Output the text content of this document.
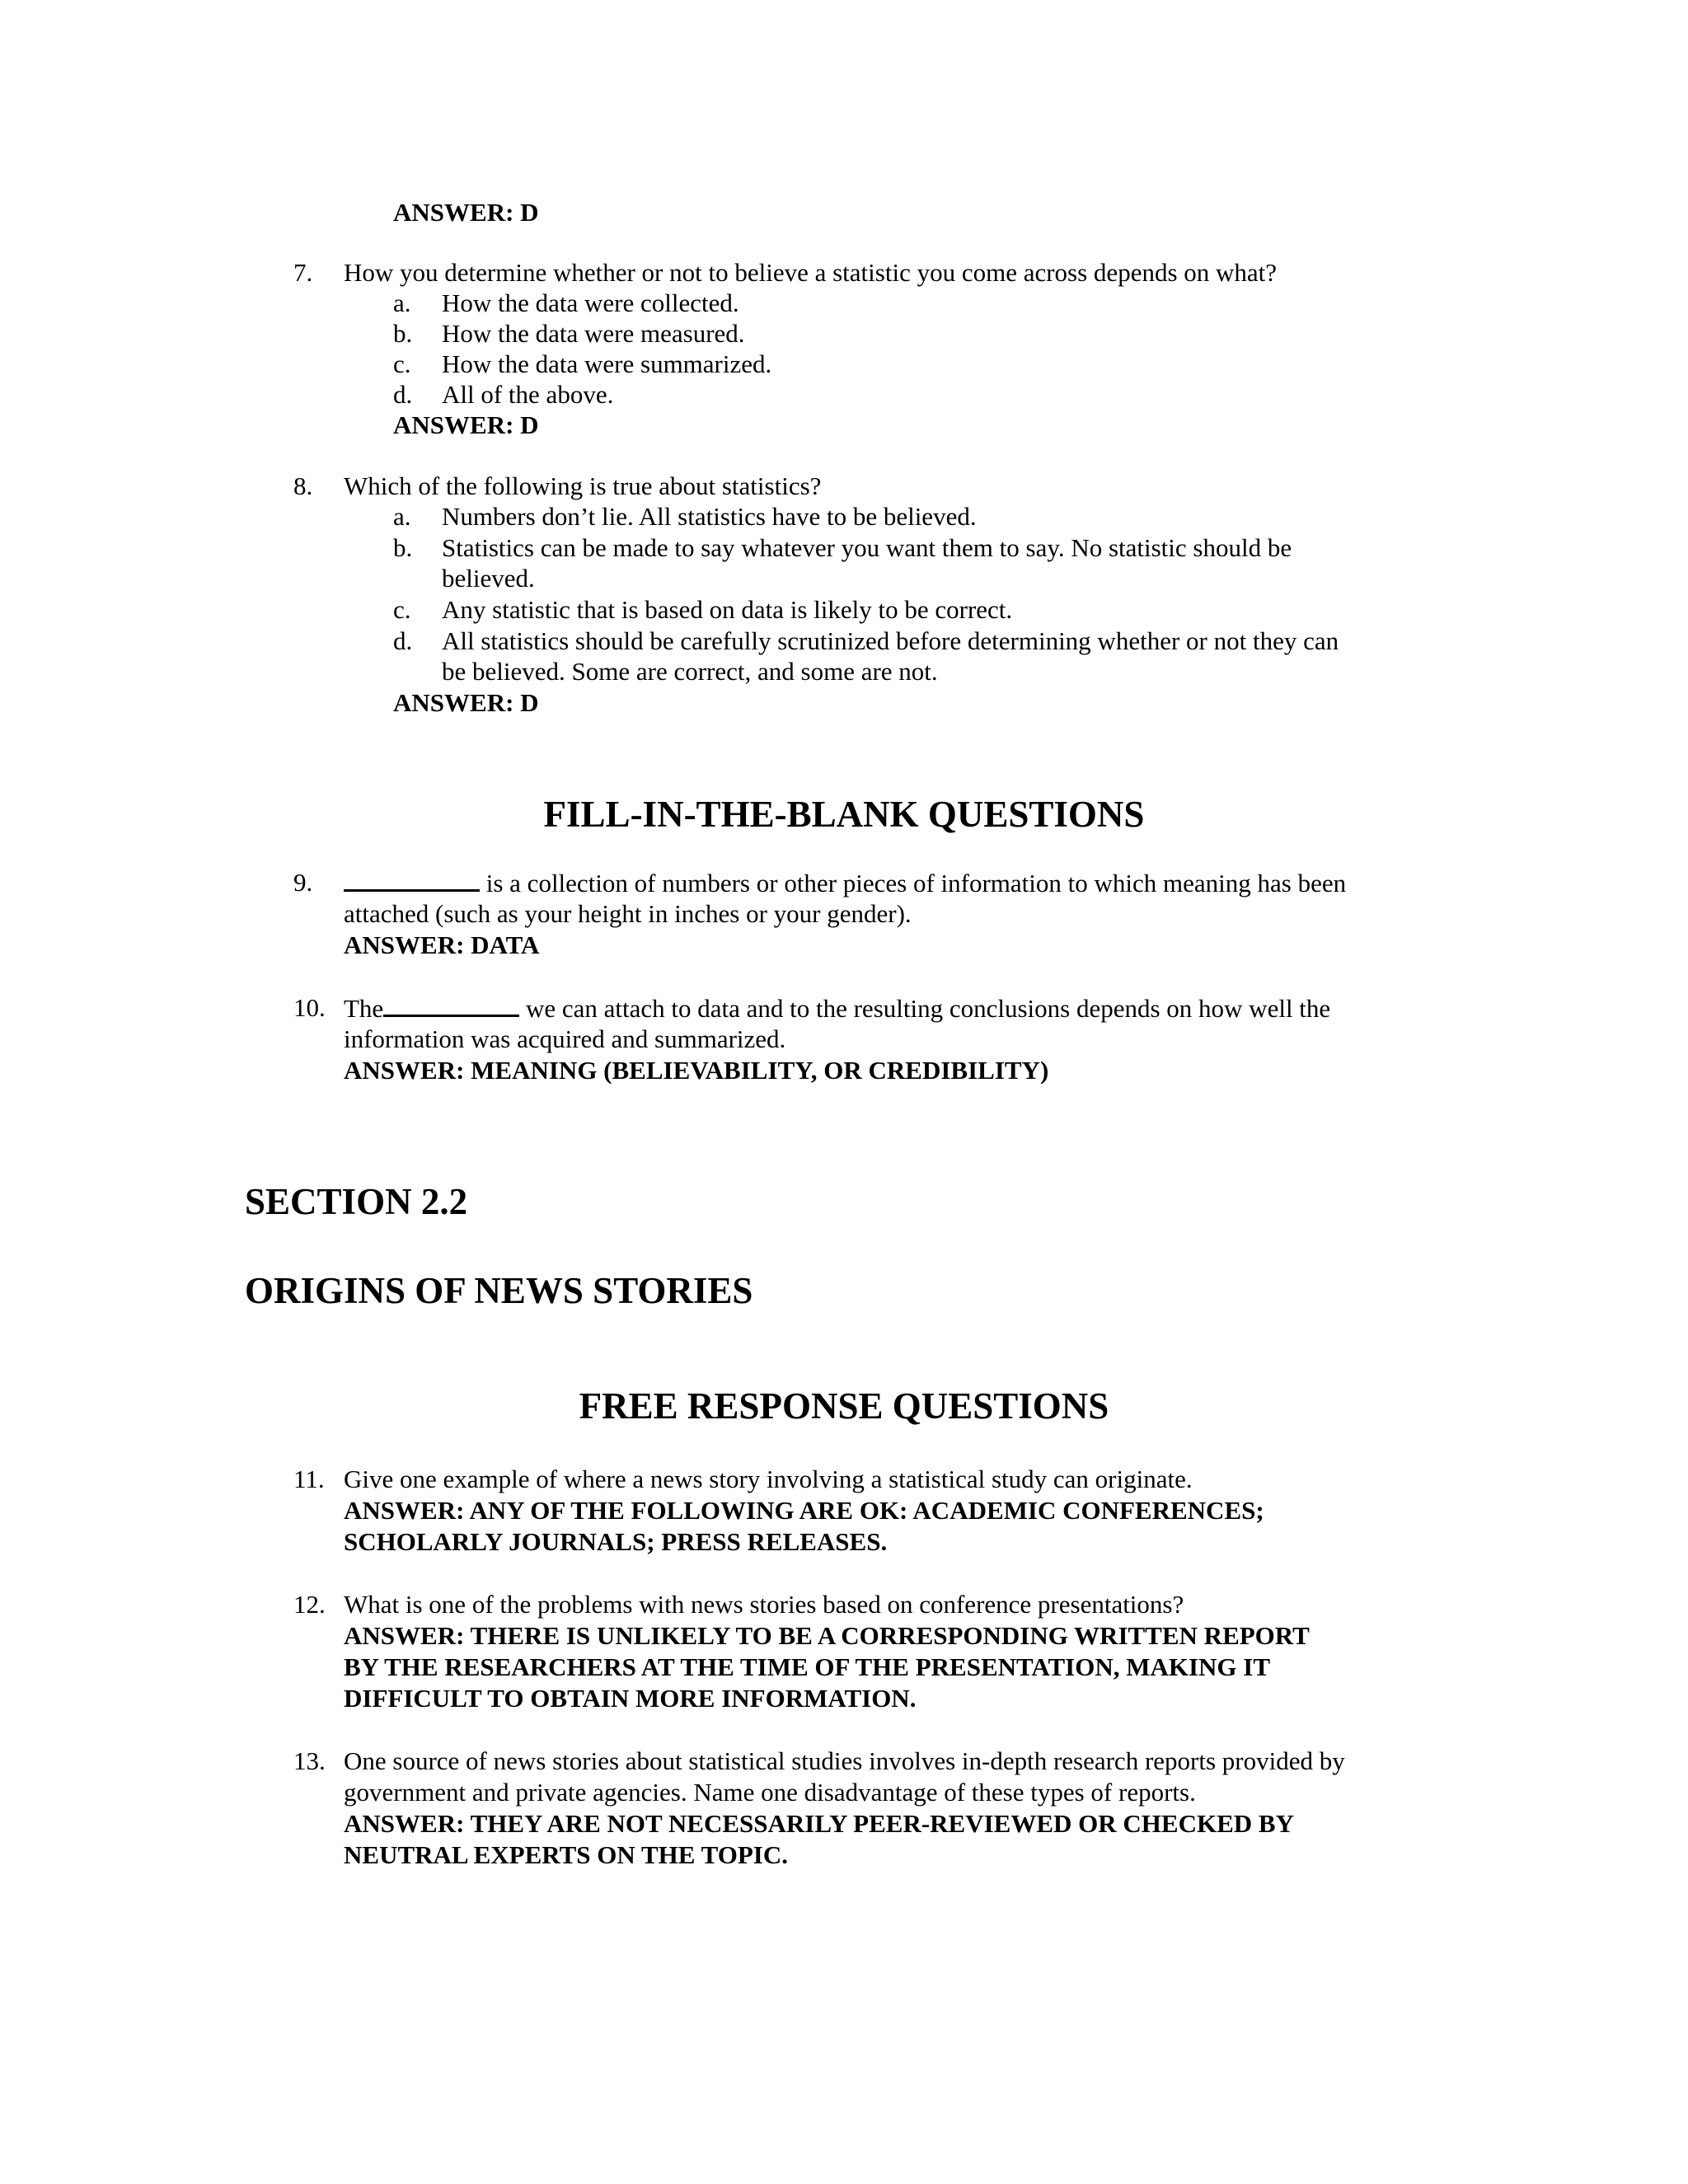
ANSWER: D
7. How you determine whether or not to believe a statistic you come across depends on what?
a. How the data were collected.
b. How the data were measured.
c. How the data were summarized.
d. All of the above.
ANSWER: D
8. Which of the following is true about statistics?
a. Numbers don’t lie. All statistics have to be believed.
b. Statistics can be made to say whatever you want them to say. No statistic should be
believed.
c. Any statistic that is based on data is likely to be correct.
d. All statistics should be carefully scrutinized before determining whether or not they can
be believed. Some are correct, and some are not.
ANSWER: D
FILL-IN-THE-BLANK QUESTIONS
9.	is a collection of numbers or other pieces of information to which meaning has been
attached (such as your height in inches or your gender).
ANSWER: DATA
10. The	we can attach to data and to the resulting conclusions depends on how well the
information was acquired and summarized.
ANSWER: MEANING (BELIEVABILITY, OR CREDIBILITY)
SECTION 2.2
ORIGINS OF NEWS STORIES
FREE RESPONSE QUESTIONS
11. Give one example of where a news story involving a statistical study can originate.
ANSWER: ANY OF THE FOLLOWING ARE OK: ACADEMIC CONFERENCES;
SCHOLARLY JOURNALS; PRESS RELEASES.
12. What is one of the problems with news stories based on conference presentations?
ANSWER: THERE IS UNLIKELY TO BE A CORRESPONDING WRITTEN REPORT
BY THE RESEARCHERS AT THE TIME OF THE PRESENTATION, MAKING IT
DIFFICULT TO OBTAIN MORE INFORMATION.
13. One source of news stories about statistical studies involves in-depth research reports provided by
government and private agencies. Name one disadvantage of these types of reports.
ANSWER: THEY ARE NOT NECESSARILY PEER-REVIEWED OR CHECKED BY
NEUTRAL EXPERTS ON THE TOPIC.
